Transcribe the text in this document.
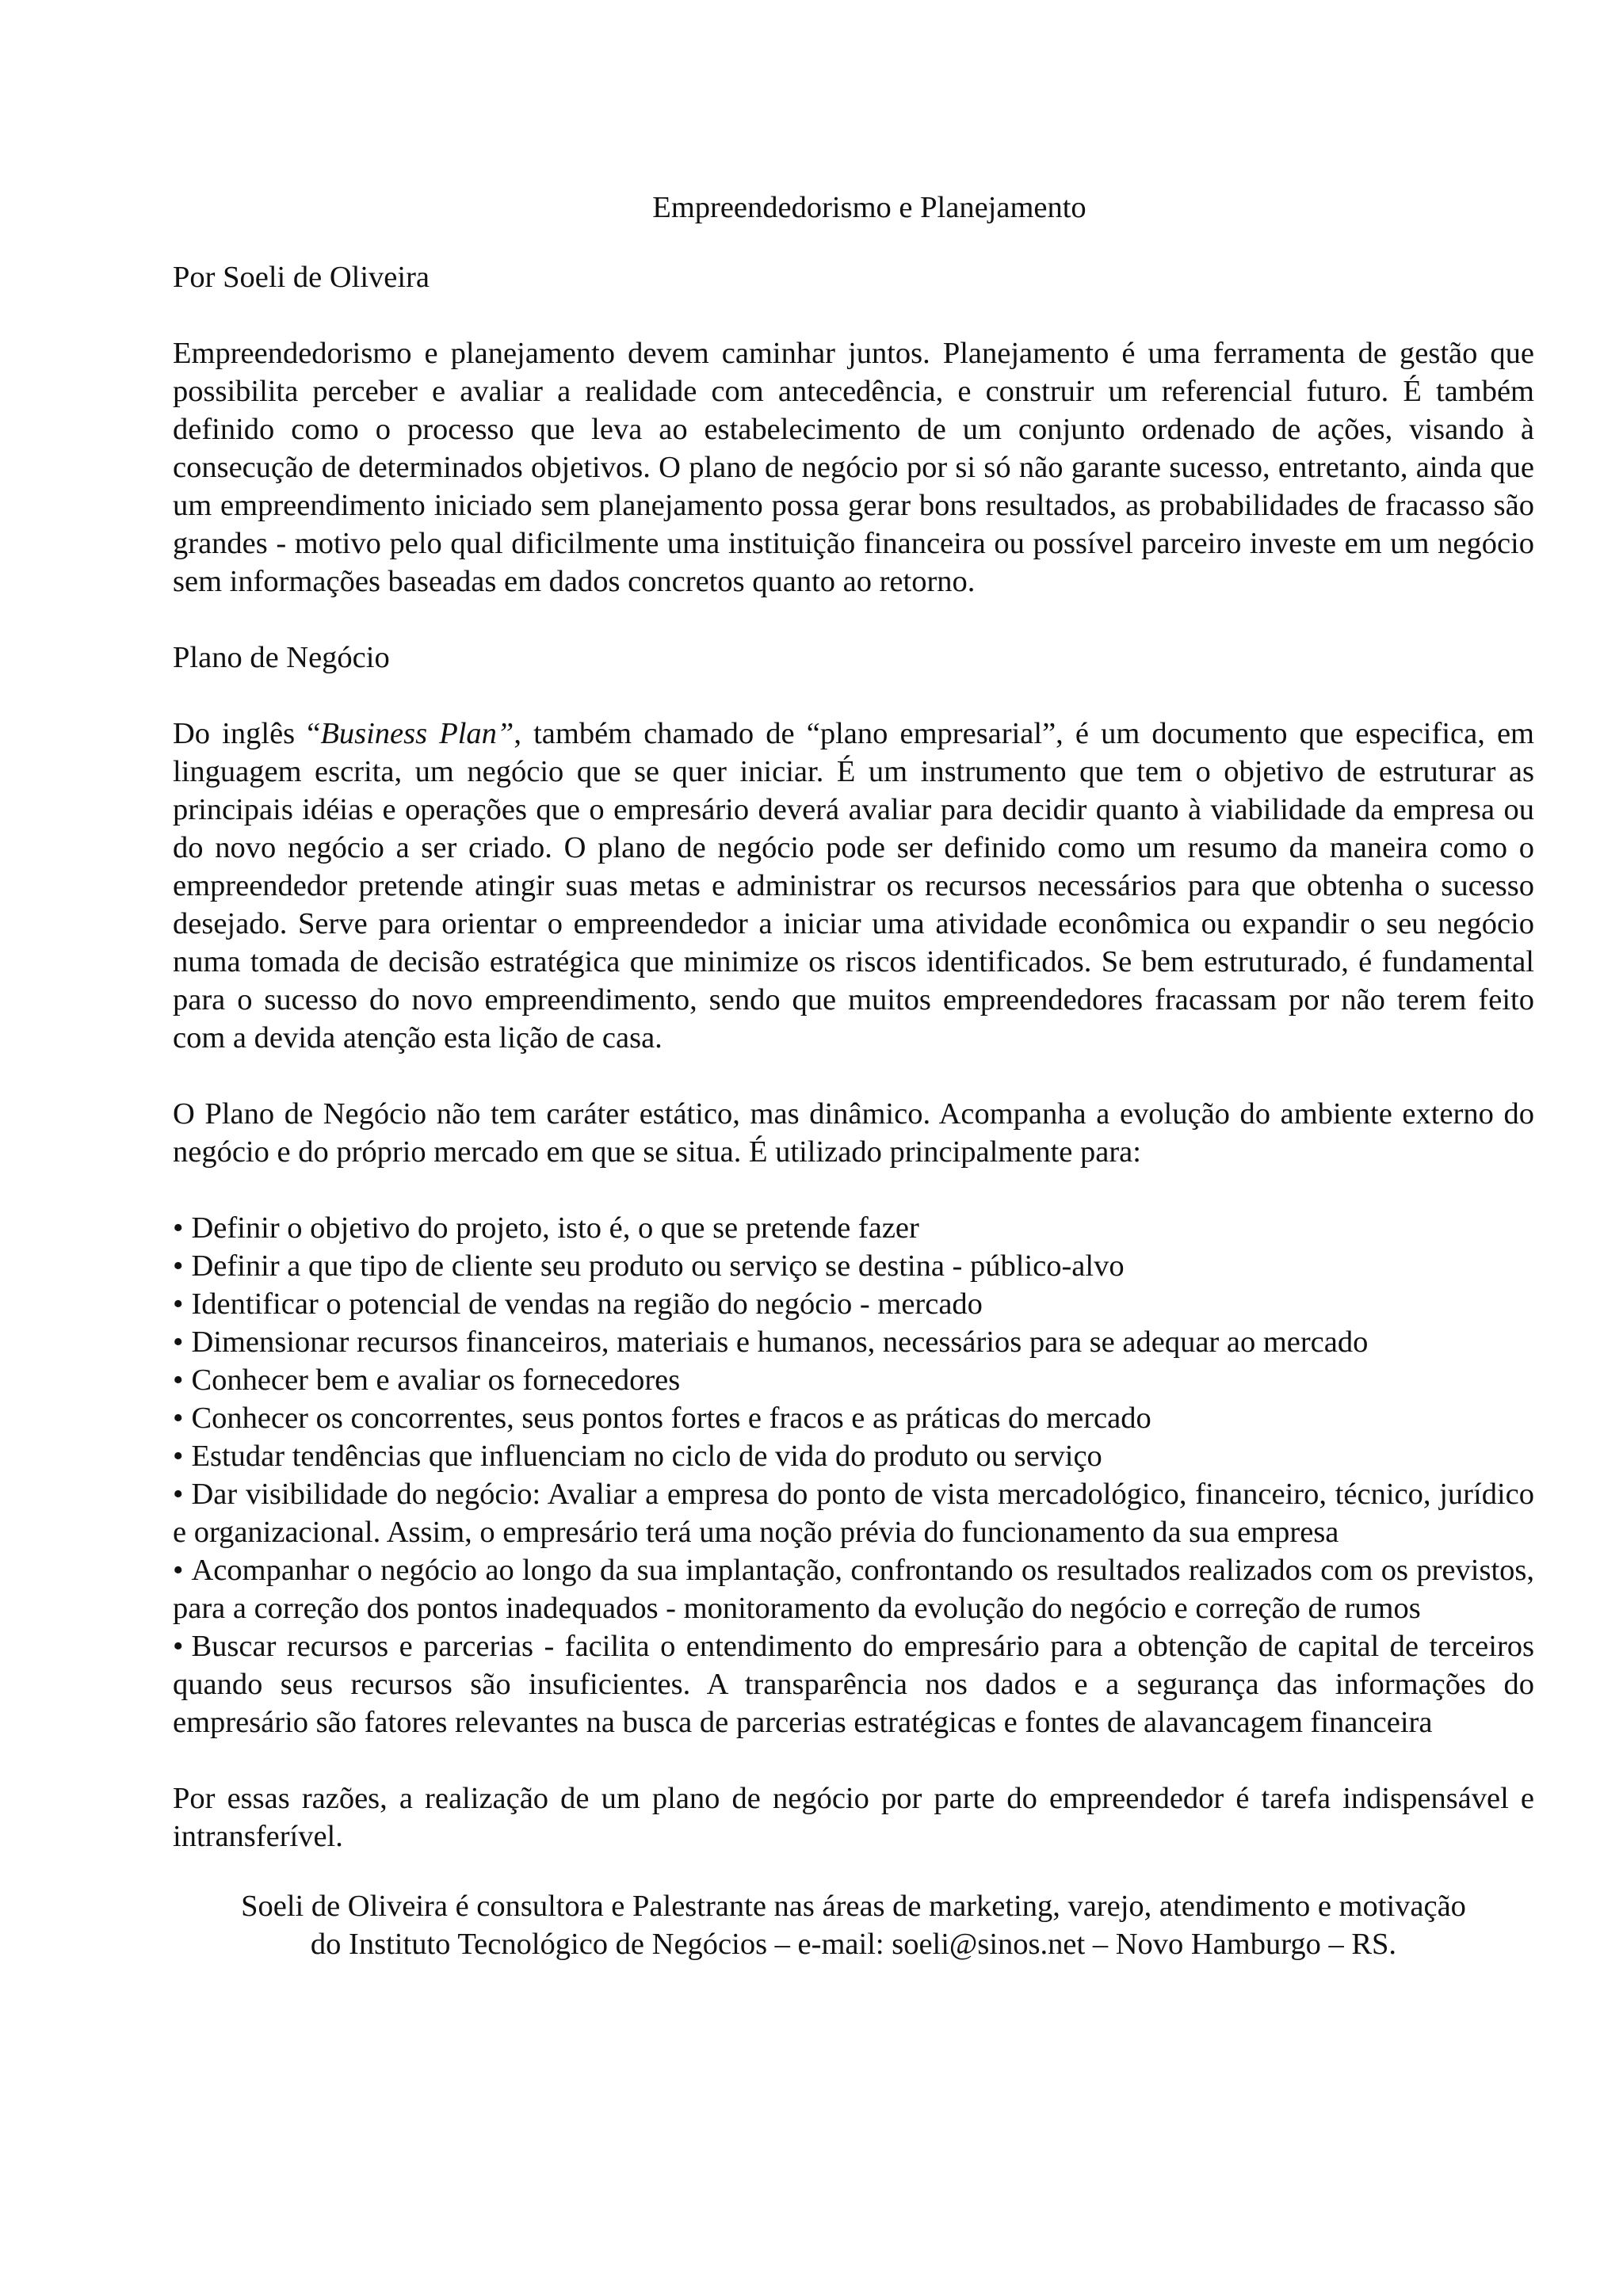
Empreendedorismo e Planejamento

Por Soeli de Oliveira

Empreendedorismo e planejamento devem caminhar juntos. Planejamento é uma ferramenta de gestão que possibilita perceber e avaliar a realidade com antecedência, e construir um referencial futuro. É também definido como o processo que leva ao estabelecimento de um conjunto ordenado de ações, visando à consecução de determinados objetivos. O plano de negócio por si só não garante sucesso, entretanto, ainda que um empreendimento iniciado sem planejamento possa gerar bons resultados, as probabilidades de fracasso são grandes - motivo pelo qual dificilmente uma instituição financeira ou possível parceiro investe em um negócio sem informações baseadas em dados concretos quanto ao retorno.

Plano de Negócio

Do inglês “Business Plan”, também chamado de “plano empresarial”, é um documento que especifica, em linguagem escrita, um negócio que se quer iniciar. É um instrumento que tem o objetivo de estruturar as principais idéias e operações que o empresário deverá avaliar para decidir quanto à viabilidade da empresa ou do novo negócio a ser criado. O plano de negócio pode ser definido como um resumo da maneira como o empreendedor pretende atingir suas metas e administrar os recursos necessários para que obtenha o sucesso desejado. Serve para orientar o empreendedor a iniciar uma atividade econômica ou expandir o seu negócio numa tomada de decisão estratégica que minimize os riscos identificados. Se bem estruturado, é fundamental para o sucesso do novo empreendimento, sendo que muitos empreendedores fracassam por não terem feito com a devida atenção esta lição de casa.

O Plano de Negócio não tem caráter estático, mas dinâmico. Acompanha a evolução do ambiente externo do negócio e do próprio mercado em que se situa. É utilizado principalmente para:

• Definir o objetivo do projeto, isto é, o que se pretende fazer
• Definir a que tipo de cliente seu produto ou serviço se destina - público-alvo
• Identificar o potencial de vendas na região do negócio - mercado
• Dimensionar recursos financeiros, materiais e humanos, necessários para se adequar ao mercado
• Conhecer bem e avaliar os fornecedores
• Conhecer os concorrentes, seus pontos fortes e fracos e as práticas do mercado
• Estudar tendências que influenciam no ciclo de vida do produto ou serviço
• Dar visibilidade do negócio: Avaliar a empresa do ponto de vista mercadológico, financeiro, técnico, jurídico e organizacional. Assim, o empresário terá uma noção prévia do funcionamento da sua empresa
• Acompanhar o negócio ao longo da sua implantação, confrontando os resultados realizados com os previstos, para a correção dos pontos inadequados - monitoramento da evolução do negócio e correção de rumos
• Buscar recursos e parcerias - facilita o entendimento do empresário para a obtenção de capital de terceiros quando seus recursos são insuficientes. A transparência nos dados e a segurança das informações do empresário são fatores relevantes na busca de parcerias estratégicas e fontes de alavancagem financeira

Por essas razões, a realização de um plano de negócio por parte do empreendedor é tarefa indispensável e intransferível.

Soeli de Oliveira é consultora e Palestrante nas áreas de marketing, varejo, atendimento e motivação
do Instituto Tecnológico de Negócios – e-mail: soeli@sinos.net – Novo Hamburgo – RS.
